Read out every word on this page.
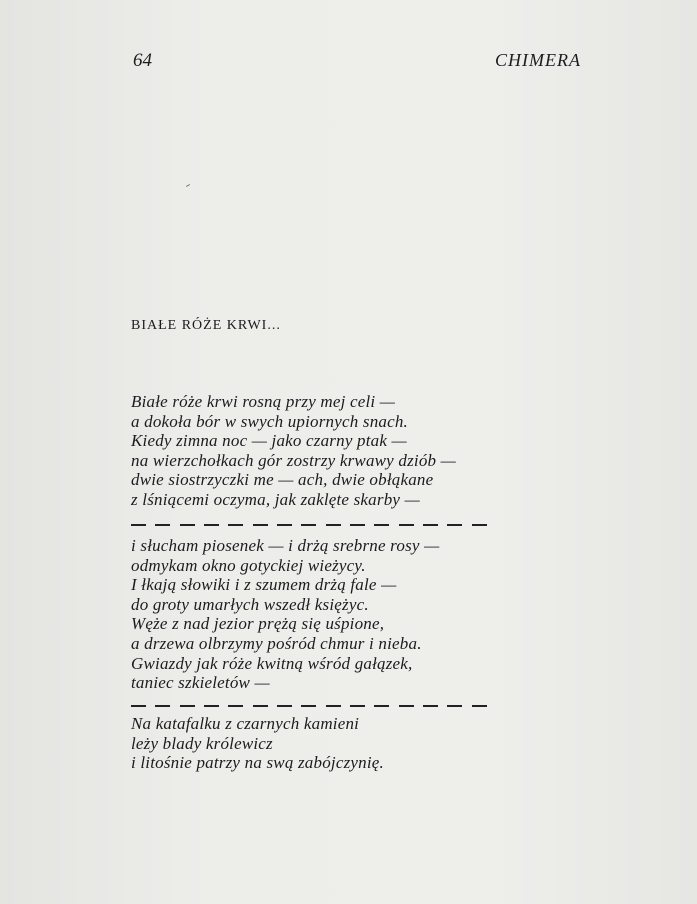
64	CHIMERA
BIAŁE RÓŻE KRWI...
Białe róże krwi rosną przy mej celi —
a dokoła bór w swych upiornych snach.
Kiedy zimna noc — jako czarny ptak —
na wierzchołkach gór zostrzy krwawy dziób —
dwie siostrzyczki me — ach, dwie obłąkane
z lśniącemi oczyma, jak zaklęte skarby —
i słucham piosenek — i drżą srebrne rosy —
odmykam okno gotyckiej wieżycy.
I łkają słowiki i z szumem drżą fale —
do groty umarłych wszedł księżyc.
Węże z nad jezior prężą się uśpione,
a drzewa olbrzymy pośród chmur i nieba.
Gwiazdy jak róże kwitną wśród gałązek,
taniec szkieletów —
Na katafalku z czarnych kamieni
leży blady królewicz
i litośnie patrzy na swą zabójczynię.
